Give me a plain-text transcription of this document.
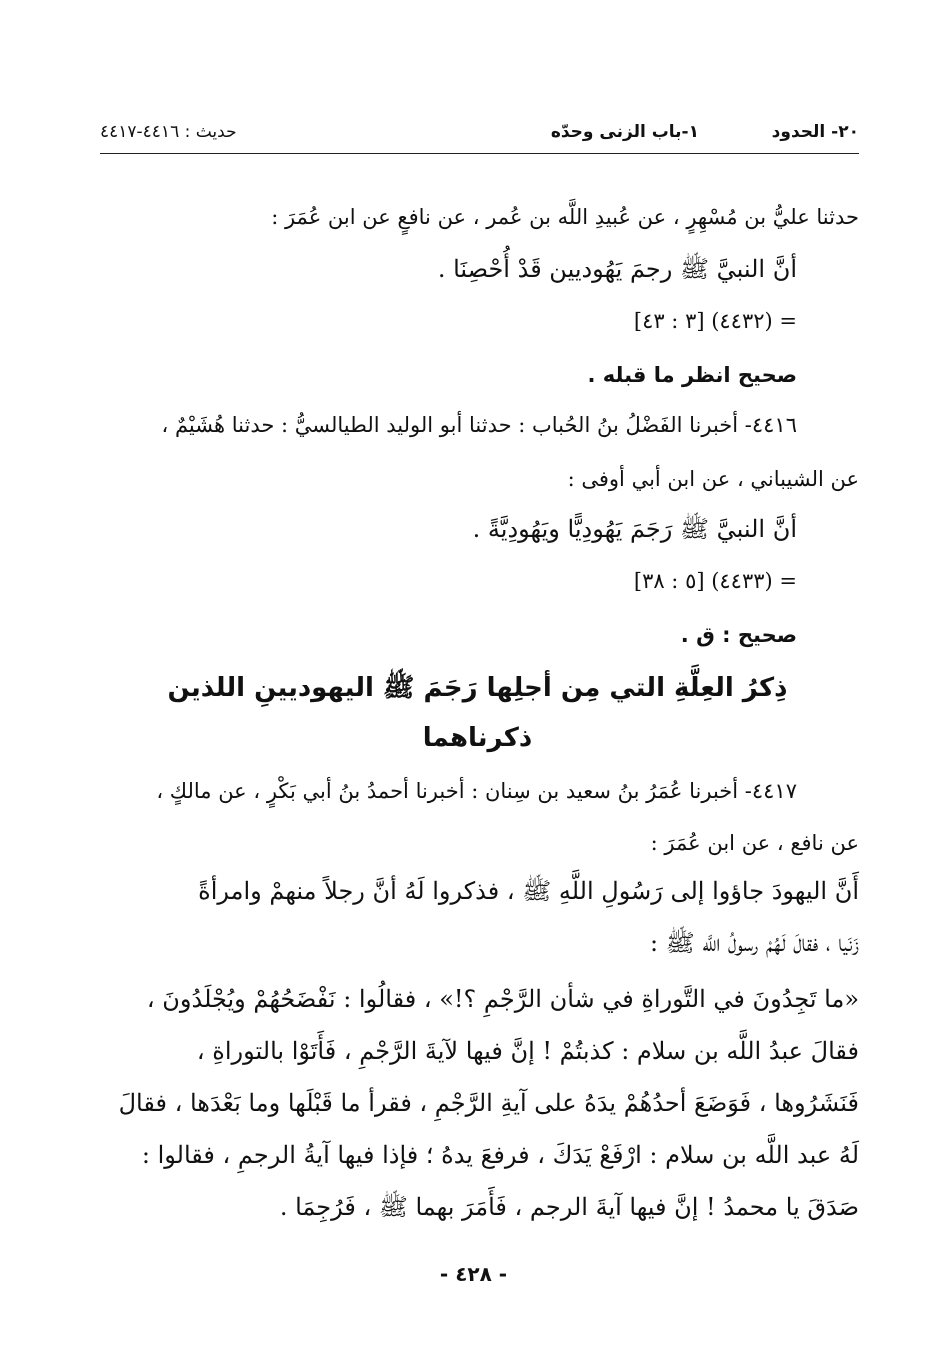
٢٠- الحدود
١-باب الزنى وحدّه
حديث : ٤٤١٦-٤٤١٧
حدثنا عليُّ بن مُسْهِرٍ ، عن عُبيدِ اللَّه بن عُمر ، عن نافعٍ عن ابن عُمَرَ :
أنَّ النبيَّ ﷺ رجمَ يَهُوديين قَدْ أُحْصِنَا .
= (٤٤٣٢) [٣ : ٤٣]
صحيح انظر ما قبله .
٤٤١٦- أخبرنا الفَضْلُ بنُ الحُباب : حدثنا أبو الوليد الطيالسيُّ : حدثنا هُشَيْمٌ ،
عن الشيباني ، عن ابن أبي أوفى :
أنَّ النبيَّ ﷺ رَجَمَ يَهُودِيًّا ويَهُودِيَّةً .
= (٤٤٣٣) [٥ : ٣٨]
صحيح : ق .
ذِكرُ العِلَّةِ التي مِن أجلِها رَجَمَ ﷺ اليهوديينِ اللذين
ذكرناهما
٤٤١٧- أخبرنا عُمَرُ بنُ سعيد بن سِنان : أخبرنا أحمدُ بنُ أبي بَكْرٍ ، عن مالكٍ ،
عن نافع ، عن ابن عُمَرَ :
أَنَّ اليهودَ جاؤوا إلى رَسُولِ اللَّهِ ﷺ ، فذكروا لَهُ أنَّ رجلاً منهمْ وامرأةً
زَنَيا ، فقالَ لَهُمْ رسولُ اللَّه ﷺ :
«ما تَجِدُونَ في التَّوراةِ في شأن الرَّجْمِ ؟!» ، فقالُوا : نَفْضَحُهُمْ ويُجْلَدُونَ ،
فقالَ عبدُ اللَّه بن سلام : كذبتُمْ ! إنَّ فيها لآيةَ الرَّجْمِ ، فَأَتَوْا بالتوراةِ ،
فَنَشَرُوها ، فَوَضَعَ أحدُهُمْ يدَهُ على آيةِ الرَّجْمِ ، فقرأ ما قَبْلَها وما بَعْدَها ، فقالَ
لَهُ عبد اللَّه بن سلام : ارْفَعْ يَدَكَ ، فرفعَ يدهُ ؛ فإذا فيها آيةُ الرجمِ ، فقالوا :
صَدَقَ يا محمدُ ! إنَّ فيها آيةَ الرجم ، فَأَمَرَ بهما ﷺ ، فَرُجِمَا .
- ٤٢٨ -
